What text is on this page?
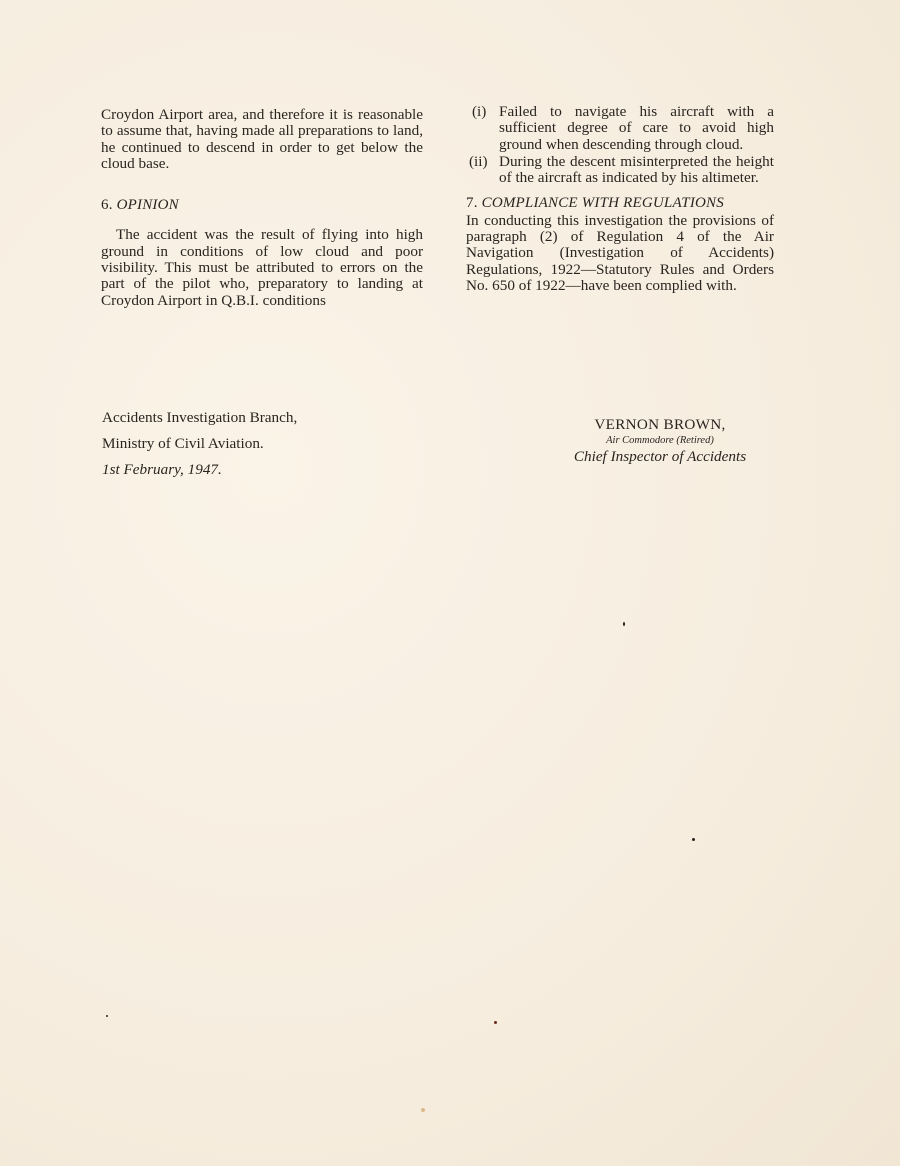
Croydon Airport area, and therefore it is reasonable to assume that, having made all preparations to land, he continued to descend in order to get below the cloud base.

6. OPINION

The accident was the result of flying into high ground in conditions of low cloud and poor visibility. This must be attributed to errors on the part of the pilot who, preparatory to landing at Croydon Airport in Q.B.I. conditions

(i) Failed to navigate his aircraft with a sufficient degree of care to avoid high ground when descending through cloud.

(ii) During the descent misinterpreted the height of the aircraft as indicated by his altimeter.

7. COMPLIANCE WITH REGULATIONS

In conducting this investigation the provisions of paragraph (2) of Regulation 4 of the Air Navigation (Investigation of Accidents) Regulations, 1922—Statutory Rules and Orders No. 650 of 1922—have been complied with.

Accidents Investigation Branch,
Ministry of Civil Aviation.
1st February, 1947.
VERNON BROWN,
Air Commodore (Retired)
Chief Inspector of Accidents
